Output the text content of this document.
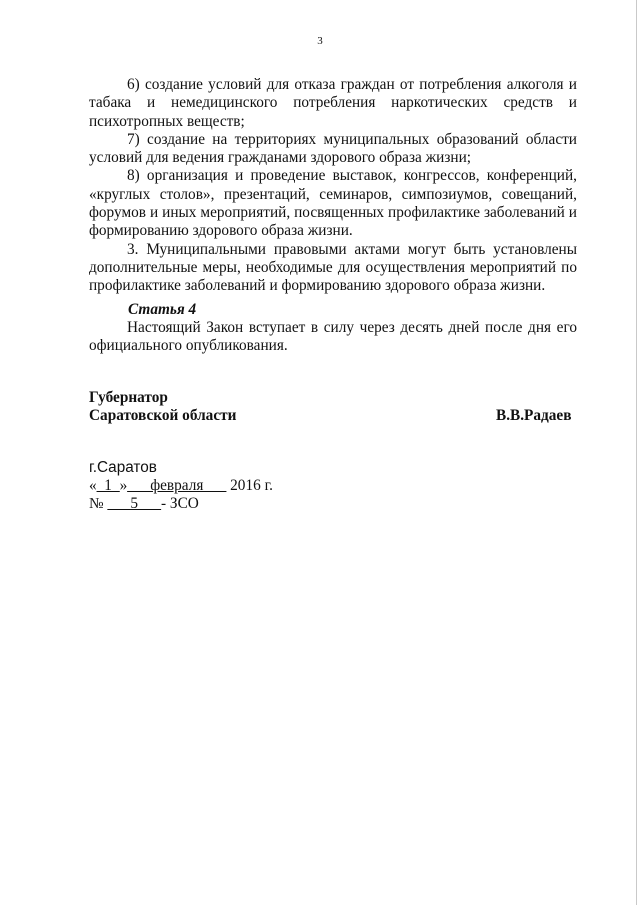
3

6) создание условий для отказа граждан от потребления алкоголя и табака и немедицинского потребления наркотических средств и психотропных веществ;

7) создание на территориях муниципальных образований области условий для ведения гражданами здорового образа жизни;

8) организация и проведение выставок, конгрессов, конференций, «круглых столов», презентаций, семинаров, симпозиумов, совещаний, форумов и иных мероприятий, посвященных профилактике заболеваний и формированию здорового образа жизни.

3. Муниципальными правовыми актами могут быть установлены дополнительные меры, необходимые для осуществления мероприятий по профилактике заболеваний и формированию здорового образа жизни.

Статья 4

Настоящий Закон вступает в силу через десять дней после дня его официального опубликования.

Губернатор
Саратовской области	В.В.Радаев
г.Саратов
«_1_»___февраля___ 2016 г.
№ ___5___- ЗСО
